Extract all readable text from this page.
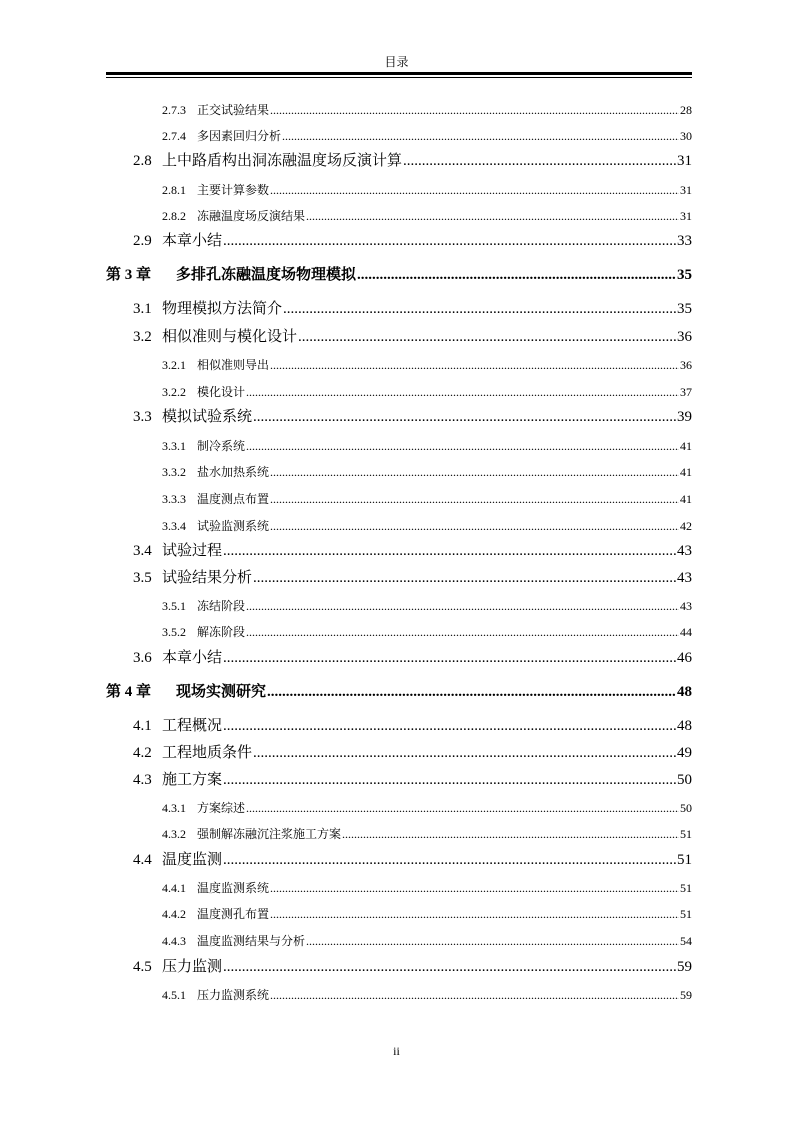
目录
2.7.3 正交试验结果 .....	28
2.7.4 多因素回归分析 .....	30
2.8 上中路盾构出洞冻融温度场反演计算 .....	31
2.8.1 主要计算参数 .....	31
2.8.2 冻融温度场反演结果 .....	31
2.9 本章小结 .....	33
第 3 章	多排孔冻融温度场物理模拟 .....	35
3.1 物理模拟方法简介 .....	35
3.2 相似准则与模化设计 .....	36
3.2.1 相似准则导出 .....	36
3.2.2 模化设计 .....	37
3.3 模拟试验系统 .....	39
3.3.1 制冷系统 .....	41
3.3.2 盐水加热系统 .....	41
3.3.3 温度测点布置 .....	41
3.3.4 试验监测系统 .....	42
3.4 试验过程 .....	43
3.5 试验结果分析 .....	43
3.5.1 冻结阶段 .....	43
3.5.2 解冻阶段 .....	44
3.6 本章小结 .....	46
第 4 章	现场实测研究 .....	48
4.1 工程概况 .....	48
4.2 工程地质条件 .....	49
4.3 施工方案 .....	50
4.3.1 方案综述 .....	50
4.3.2 强制解冻融沉注浆施工方案 .....	51
4.4 温度监测 .....	51
4.4.1 温度监测系统 .....	51
4.4.2 温度测孔布置 .....	51
4.4.3 温度监测结果与分析 .....	54
4.5 压力监测 .....	59
4.5.1 压力监测系统 .....	59
ii
